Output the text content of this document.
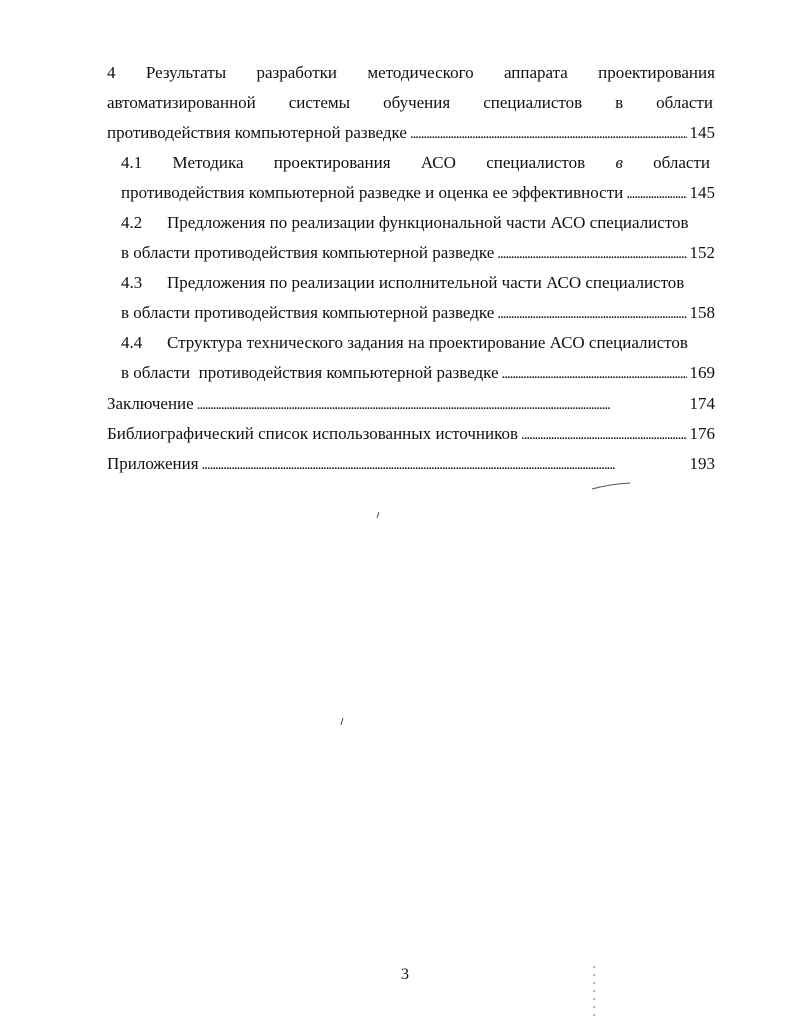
4 Результаты разработки методического аппарата проектирования
автоматизированной системы обучения специалистов в области
противодействия компьютерной разведке . . .	145
4.1 Методика проектирования АСО специалистов в области
противодействия компьютерной разведке и оценка ее эффективности . . .	145
4.2 Предложения по реализации функциональной части АСО специалистов
в области противодействия компьютерной разведке . . .	152
4.3 Предложения по реализации исполнительной части АСО специалистов
в области противодействия компьютерной разведке . . .	158
4.4 Структура технического задания на проектирование АСО специалистов
в области  противодействия компьютерной разведке . . .	169
Заключение . . .	174
Библиографический список использованных источников . . .	176
Приложения . . .	193
3
